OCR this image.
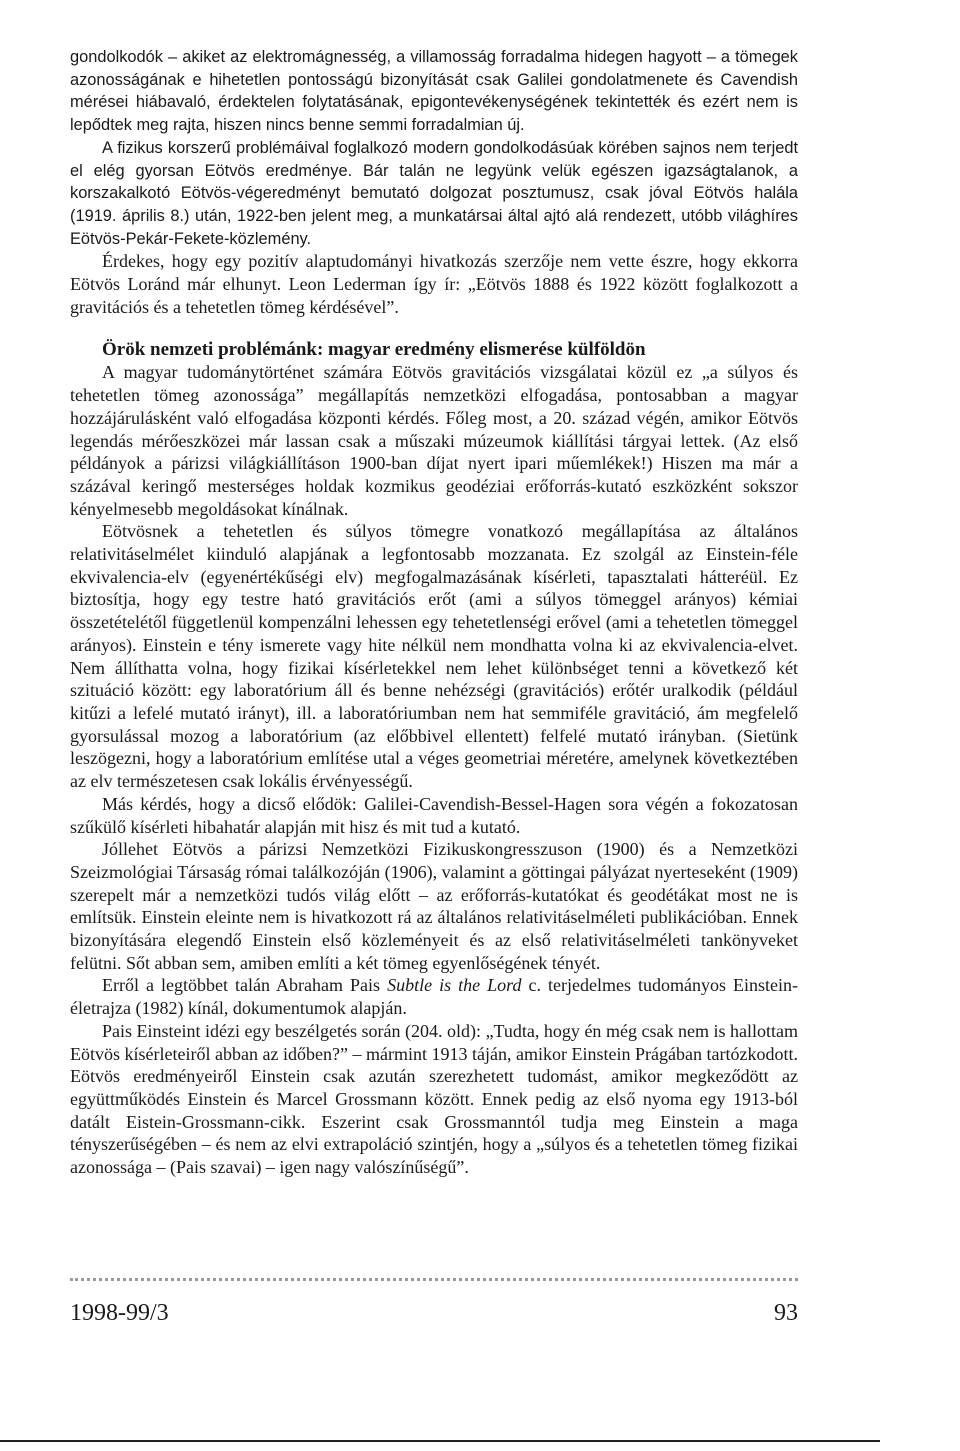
gondolkodók – akiket az elektromágnesség, a villamosság forradalma hidegen hagyott – a tömegek azonosságának e hihetetlen pontosságú bizonyítását csak Galilei gondolatmenete és Cavendish mérései hiábavaló, érdektelen folytatásának, epigontevékenységének tekintették és ezért nem is lepődtek meg rajta, hiszen nincs benne semmi forradalmian új.

A fizikus korszerű problémáival foglalkozó modern gondolkodásúak körében sajnos nem terjedt el elég gyorsan Eötvös eredménye. Bár talán ne legyünk velük egészen igazságtalanok, a korszakalkotó Eötvös-végeredményt bemutató dolgozat posztumusz, csak jóval Eötvös halála (1919. április 8.) után, 1922-ben jelent meg, a munkatársai által ajtó alá rendezett, utóbb világhíres Eötvös-Pekár-Fekete-közlemény.

Érdekes, hogy egy pozitív alaptudományi hivatkozás szerzője nem vette észre, hogy ekkorra Eötvös Loránd már elhunyt. Leon Lederman így ír: „Eötvös 1888 és 1922 között foglalkozott a gravitációs és a tehetetlen tömeg kérdésével”.

Örök nemzeti problémánk: magyar eredmény elismerése külföldön

A magyar tudománytörténet számára Eötvös gravitációs vizsgálatai közül ez „a súlyos és tehetetlen tömeg azonossága” megállapítás nemzetközi elfogadása, pontosabban a magyar hozzájárulásként való elfogadása központi kérdés. Főleg most, a 20. század végén, amikor Eötvös legendás mérőeszközei már lassan csak a műszaki múzeumok kiállítási tárgyai lettek. (Az első példányok a párizsi világkiállításon 1900-ban díjat nyert ipari műemlékek!) Hiszen ma már a százával keringő mesterséges holdak kozmikus geodéziai erőforrás-kutató eszközként sokszor kényelmesebb megoldásokat kínálnak.

Eötvösnek a tehetetlen és súlyos tömegre vonatkozó megállapítása az általános relativitáselmélet kiinduló alapjának a legfontosabb mozzanata. Ez szolgál az Einstein-féle ekvivalencia-elv (egyenértékűségi elv) megfogalmazásának kísérleti, tapasztalati hátteréül. Ez biztosítja, hogy egy testre ható gravitációs erőt (ami a súlyos tömeggel arányos) kémiai összetételétől függetlenül kompenzálni lehessen egy tehetetlenségi erővel (ami a tehetetlen tömeggel arányos). Einstein e tény ismerete vagy hite nélkül nem mondhatta volna ki az ekvivalencia-elvet. Nem állíthatta volna, hogy fizikai kísérletekkel nem lehet különbséget tenni a következő két szituáció között: egy laboratórium áll és benne nehézségi (gravitációs) erőtér uralkodik (például kitűzi a lefelé mutató irányt), ill. a laboratóriumban nem hat semmiféle gravitáció, ám megfelelő gyorsulással mozog a laboratórium (az előbbivel ellentett) felfelé mutató irányban. (Sietünk leszögezni, hogy a laboratórium említése utal a véges geometriai méretére, amelynek következtében az elv természetesen csak lokális érvényességű.

Más kérdés, hogy a dicső elődök: Galilei-Cavendish-Bessel-Hagen sora végén a fokozatosan szűkülő kísérleti hibahatár alapján mit hisz és mit tud a kutató.

Jóllehet Eötvös a párizsi Nemzetközi Fizikuskongresszuson (1900) és a Nemzetközi Szeizmológiai Társaság római találkozóján (1906), valamint a göttingai pályázat nyerteseként (1909) szerepelt már a nemzetközi tudós világ előtt – az erőforrás-kutatókat és geodétákat most ne is említsük. Einstein eleinte nem is hivatkozott rá az általános relativitáselméleti publikációban. Ennek bizonyítására elegendő Einstein első közleményeit és az első relativitáselméleti tankönyveket felütni. Sőt abban sem, amiben említi a két tömeg egyenlőségének tényét.

Erről a legtöbbet talán Abraham Pais Subtle is the Lord c. terjedelmes tudományos Einstein-életrajza (1982) kínál, dokumentumok alapján.

Pais Einsteint idézi egy beszélgetés során (204. old): „Tudta, hogy én még csak nem is hallottam Eötvös kísérleteiről abban az időben?” – mármint 1913 táján, amikor Einstein Prágában tartózkodott. Eötvös eredményeiről Einstein csak azután szerezhetett tudomást, amikor megkeződött az együttműködés Einstein és Marcel Grossmann között. Ennek pedig az első nyoma egy 1913-ból datált Eistein-Grossmann-cikk. Eszerint csak Grossmanntól tudja meg Einstein a maga tényszerűségében – és nem az elvi extrapoláció szintjén, hogy a „súlyos és a tehetetlen tömeg fizikai azonossága – (Pais szavai) – igen nagy valószínűségű”.

1998-99/3	93
